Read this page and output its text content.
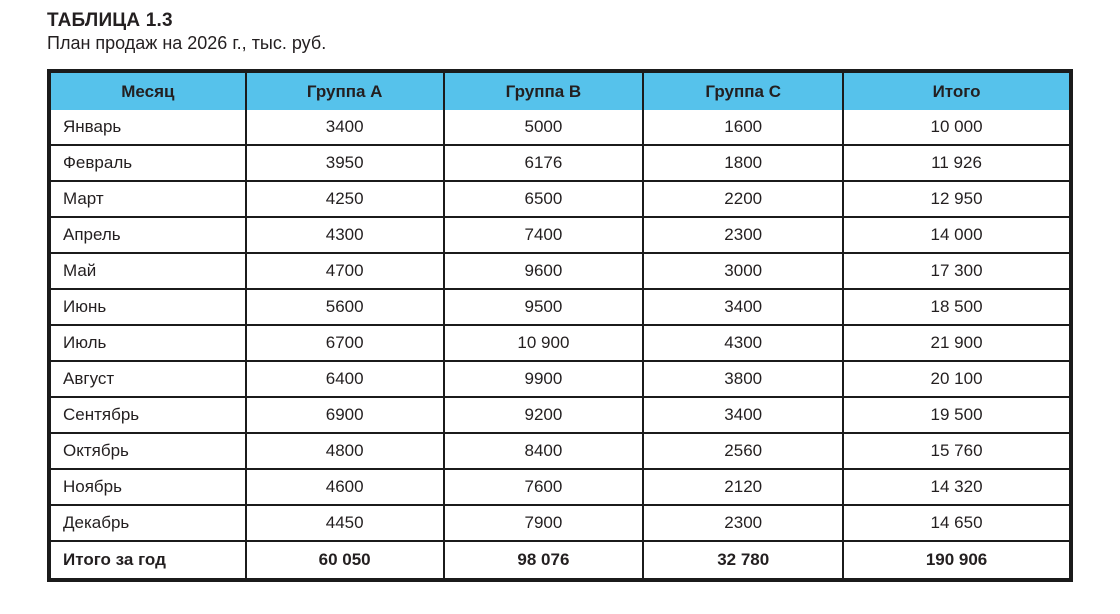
ТАБЛИЦА 1.3

План продаж на 2026 г., тыс. руб.

Месяц	Группа A	Группа B	Группа C	Итого
Январь	3400	5000	1600	10 000
Февраль	3950	6176	1800	11 926
Март	4250	6500	2200	12 950
Апрель	4300	7400	2300	14 000
Май	4700	9600	3000	17 300
Июнь	5600	9500	3400	18 500
Июль	6700	10 900	4300	21 900
Август	6400	9900	3800	20 100
Сентябрь	6900	9200	3400	19 500
Октябрь	4800	8400	2560	15 760
Ноябрь	4600	7600	2120	14 320
Декабрь	4450	7900	2300	14 650
Итого за год	60 050	98 076	32 780	190 906
